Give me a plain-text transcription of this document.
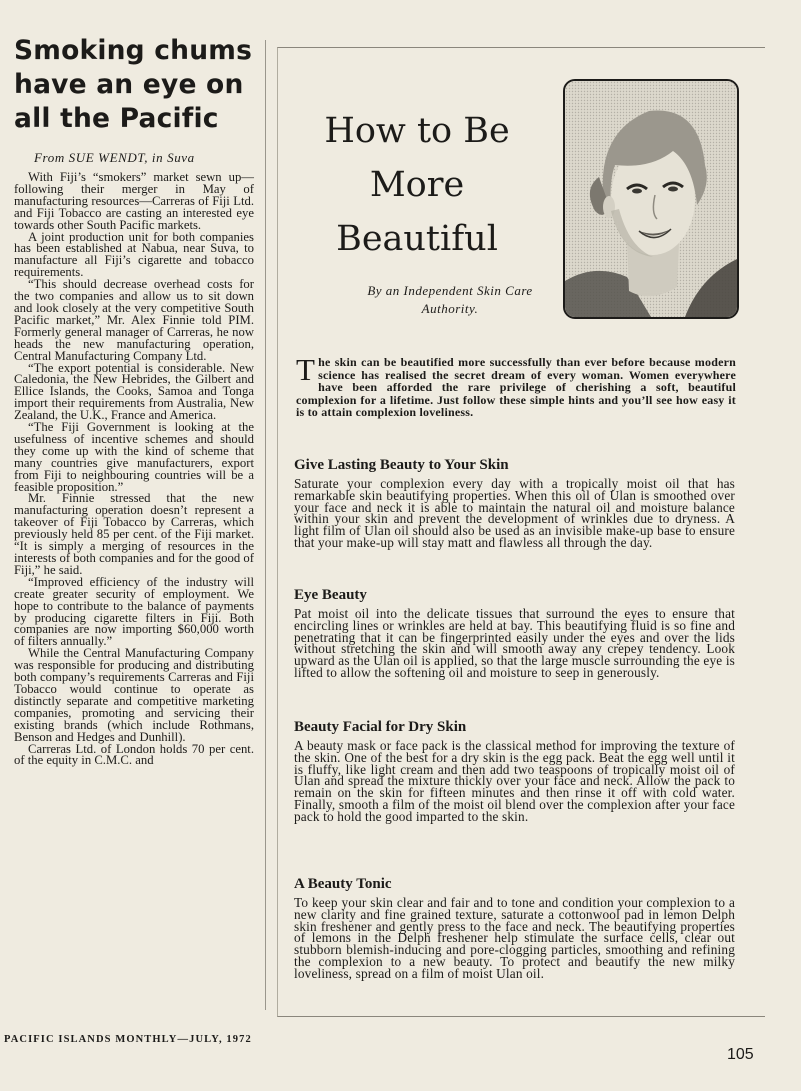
Smoking chums
have an eye on
all the Pacific
From SUE WENDT, in Suva

With Fiji’s “smokers” market sewn up—following their merger in May of manufacturing resources—Carreras of Fiji Ltd. and Fiji Tobacco are casting an interested eye towards other South Pacific markets.

A joint production unit for both companies has been established at Nabua, near Suva, to manufacture all Fiji’s cigarette and tobacco requirements.

“This should decrease overhead costs for the two companies and allow us to sit down and look closely at the very competitive South Pacific market,” Mr. Alex Finnie told PIM. Formerly general manager of Carreras, he now heads the new manufacturing operation, Central Manufacturing Company Ltd.

“The export potential is considerable. New Caledonia, the New Hebrides, the Gilbert and Ellice Islands, the Cooks, Samoa and Tonga import their requirements from Australia, New Zealand, the U.K., France and America.

“The Fiji Government is looking at the usefulness of incentive schemes and should they come up with the kind of scheme that many countries give manufacturers, export from Fiji to neighbouring countries will be a feasible proposition.”

Mr. Finnie stressed that the new manufacturing operation doesn’t represent a takeover of Fiji Tobacco by Carreras, which previously held 85 per cent. of the Fiji market. “It is simply a merging of resources in the interests of both companies and for the good of Fiji,” he said.

“Improved efficiency of the industry will create greater security of employment. We hope to contribute to the balance of payments by producing cigarette filters in Fiji. Both companies are now importing $60,000 worth of filters annually.”

While the Central Manufacturing Company was responsible for producing and distributing both company’s requirements Carreras and Fiji Tobacco would continue to operate as distinctly separate and competitive marketing companies, promoting and servicing their existing brands (which include Rothmans, Benson and Hedges and Dunhill).

Carreras Ltd. of London holds 70 per cent. of the equity in C.M.C. and

How to Be
More
Beautiful

By an Independent Skin Care
Authority.

The skin can be beautified more successfully than ever before because modern science has realised the secret dream of every woman. Women everywhere have been afforded the rare privilege of cherishing a soft, beautiful complexion for a lifetime. Just follow these simple hints and you’ll see how easy it is to attain complexion loveliness.

Give Lasting Beauty to Your Skin

Saturate your complexion every day with a tropically moist oil that has remarkable skin beautifying properties. When this oil of Ulan is smoothed over your face and neck it is able to maintain the natural oil and moisture balance within your skin and prevent the development of wrinkles due to dryness. A light film of Ulan oil should also be used as an invisible make-up base to ensure that your make-up will stay matt and flawless all through the day.

Eye Beauty

Pat moist oil into the delicate tissues that surround the eyes to ensure that encircling lines or wrinkles are held at bay. This beautifying fluid is so fine and penetrating that it can be fingerprinted easily under the eyes and over the lids without stretching the skin and will smooth away any crepey tendency. Look upward as the Ulan oil is applied, so that the large muscle surrounding the eye is lifted to allow the softening oil and moisture to seep in generously.

Beauty Facial for Dry Skin

A beauty mask or face pack is the classical method for improving the texture of the skin. One of the best for a dry skin is the egg pack. Beat the egg well until it is fluffy, like light cream and then add two teaspoons of tropically moist oil of Ulan and spread the mixture thickly over your face and neck. Allow the pack to remain on the skin for fifteen minutes and then rinse it off with cold water. Finally, smooth a film of the moist oil blend over the complexion after your face pack to hold the good imparted to the skin.

A Beauty Tonic

To keep your skin clear and fair and to tone and condition your complexion to a new clarity and fine grained texture, saturate a cottonwool pad in lemon Delph skin freshener and gently press to the face and neck. The beautifying properties of lemons in the Delph freshener help stimulate the surface cells, clear out stubborn blemish-inducing and pore-clogging particles, smoothing and refining the complexion to a new beauty. To protect and beautify the new milky loveliness, spread on a film of moist Ulan oil.

PACIFIC ISLANDS MONTHLY—JULY, 1972
105
